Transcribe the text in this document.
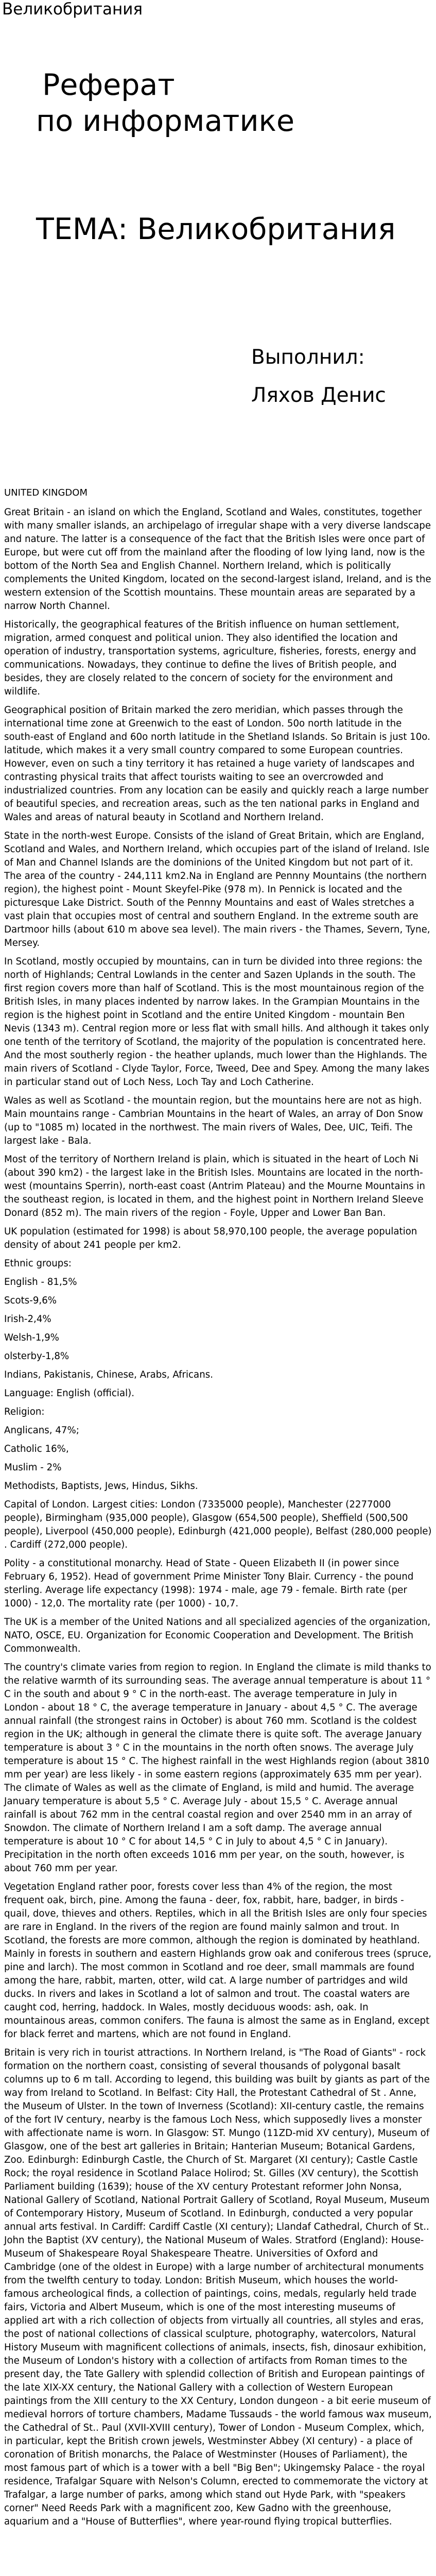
Великобритания
Реферат
по информатике
ТЕМА: Великобритания
Выполнил:
Ляхов Денис
UNITED KINGDOM

Great Britain - an island on which the England, Scotland and Wales, constitutes, together with many smaller islands, an archipelago of irregular shape with a very diverse landscape and nature. The latter is a consequence of the fact that the British Isles were once part of Europe, but were cut off from the mainland after the flooding of low lying land, now is the bottom of the North Sea and English Channel. Northern Ireland, which is politically complements the United Kingdom, located on the second-largest island, Ireland, and is the western extension of the Scottish mountains. These mountain areas are separated by a narrow North Channel.

Historically, the geographical features of the British influence on human settlement, migration, armed conquest and political union. They also identified the location and operation of industry, transportation systems, agriculture, fisheries, forests, energy and communications. Nowadays, they continue to define the lives of British people, and besides, they are closely related to the concern of society for the environment and wildlife.

Geographical position of Britain marked the zero meridian, which passes through the international time zone at Greenwich to the east of London. 50o north latitude in the south-east of England and 60o north latitude in the Shetland Islands. So Britain is just 10o. latitude, which makes it a very small country compared to some European countries. However, even on such a tiny territory it has retained a huge variety of landscapes and contrasting physical traits that affect tourists waiting to see an overcrowded and industrialized countries. From any location can be easily and quickly reach a large number of beautiful species, and recreation areas, such as the ten national parks in England and Wales and areas of natural beauty in Scotland and Northern Ireland.

State in the north-west Europe. Consists of the island of Great Britain, which are England, Scotland and Wales, and Northern Ireland, which occupies part of the island of Ireland. Isle of Man and Channel Islands are the dominions of the United Kingdom but not part of it. The area of the country - 244,111 km2.Na in England are Pennny Mountains (the northern region), the highest point - Mount Skeyfel-Pike (978 m). In Pennick is located and the picturesque Lake District. South of the Pennny Mountains and east of Wales stretches a vast plain that occupies most of central and southern England. In the extreme south are Dartmoor hills (about 610 m above sea level). The main rivers - the Thames, Severn, Tyne, Mersey.

In Scotland, mostly occupied by mountains, can in turn be divided into three regions: the north of Highlands; Central Lowlands in the center and Sazen Uplands in the south. The first region covers more than half of Scotland. This is the most mountainous region of the British Isles, in many places indented by narrow lakes. In the Grampian Mountains in the region is the highest point in Scotland and the entire United Kingdom - mountain Ben Nevis (1343 m). Central region more or less flat with small hills. And although it takes only one tenth of the territory of Scotland, the majority of the population is concentrated here. And the most southerly region - the heather uplands, much lower than the Highlands. The main rivers of Scotland - Clyde Taylor, Force, Tweed, Dee and Spey. Among the many lakes in particular stand out of Loch Ness, Loch Tay and Loch Catherine.

Wales as well as Scotland - the mountain region, but the mountains here are not as high. Main mountains range - Cambrian Mountains in the heart of Wales, an array of Don Snow (up to "1085 m) located in the northwest. The main rivers of Wales, Dee, UIC, Teifi. The largest lake - Bala.

Most of the territory of Northern Ireland is plain, which is situated in the heart of Loch Ni (about 390 km2) - the largest lake in the British Isles. Mountains are located in the north-west (mountains Sperrin), north-east coast (Antrim Plateau) and the Mourne Mountains in the southeast region, is located in them, and the highest point in Northern Ireland Sleeve Donard (852 m). The main rivers of the region - Foyle, Upper and Lower Ban Ban.

UK population (estimated for 1998) is about 58,970,100 people, the average population density of about 241 people per km2.

Ethnic groups:

English - 81,5%

Scots-9,6%

Irish-2,4%

Welsh-1,9%

olsterby-1,8%

Indians, Pakistanis, Chinese, Arabs, Africans.

Language: English (official).

Religion:

Anglicans, 47%;

Catholic 16%,

Muslim - 2%

Methodists, Baptists, Jews, Hindus, Sikhs.

Capital of London. Largest cities: London (7335000 people), Manchester (2277000 people), Birmingham (935,000 people), Glasgow (654,500 people), Sheffield (500,500 people), Liverpool (450,000 people), Edinburgh (421,000 people), Belfast (280,000 people) . Cardiff (272,000 people).

Polity - a constitutional monarchy. Head of State - Queen Elizabeth II (in power since February 6, 1952). Head of government Prime Minister Tony Blair. Currency - the pound sterling. Average life expectancy (1998): 1974 - male, age 79 - female. Birth rate (per 1000) - 12,0. The mortality rate (per 1000) - 10,7.

The UK is a member of the United Nations and all specialized agencies of the organization, NATO, OSCE, EU. Organization for Economic Cooperation and Development. The British Commonwealth.

The country's climate varies from region to region. In England the climate is mild thanks to the relative warmth of its surrounding seas. The average annual temperature is about 11 ° C in the south and about 9 ° C in the north-east. The average temperature in July in London - about 18 ° C, the average temperature in January - about 4,5 ° C. The average annual rainfall (the strongest rains in October) is about 760 mm. Scotland is the coldest region in the UK; although in general the climate there is quite soft. The average January temperature is about 3 ° C in the mountains in the north often snows. The average July temperature is about 15 ° C. The highest rainfall in the west Highlands region (about 3810 mm per year) are less likely - in some eastern regions (approximately 635 mm per year). The climate of Wales as well as the climate of England, is mild and humid. The average January temperature is about 5,5 ° C. Average July - about 15,5 ° C. Average annual rainfall is about 762 mm in the central coastal region and over 2540 mm in an array of Snowdon. The climate of Northern Ireland I am a soft damp. The average annual temperature is about 10 ° C for about 14,5 ° C in July to about 4,5 ° C in January). Precipitation in the north often exceeds 1016 mm per year, on the south, however, is about 760 mm per year.

Vegetation England rather poor, forests cover less than 4% of the region, the most frequent oak, birch, pine. Among the fauna - deer, fox, rabbit, hare, badger, in birds - quail, dove, thieves and others. Reptiles, which in all the British Isles are only four species are rare in England. In the rivers of the region are found mainly salmon and trout. In Scotland, the forests are more common, although the region is dominated by heathland. Mainly in forests in southern and eastern Highlands grow oak and coniferous trees (spruce, pine and larch). The most common in Scotland and roe deer, small mammals are found among the hare, rabbit, marten, otter, wild cat. A large number of partridges and wild ducks. In rivers and lakes in Scotland a lot of salmon and trout. The coastal waters are caught cod, herring, haddock. In Wales, mostly deciduous woods: ash, oak. In mountainous areas, common conifers. The fauna is almost the same as in England, except for black ferret and martens, which are not found in England.

Britain is very rich in tourist attractions. In Northern Ireland, is "The Road of Giants" - rock formation on the northern coast, consisting of several thousands of polygonal basalt columns up to 6 m tall. According to legend, this building was built by giants as part of the way from Ireland to Scotland. In Belfast: City Hall, the Protestant Cathedral of St . Anne, the Museum of Ulster. In the town of Inverness (Scotland): XII-century castle, the remains of the fort IV century, nearby is the famous Loch Ness, which supposedly lives a monster with affectionate name is worn. In Glasgow: ST. Mungo (11ZD-mid XV century), Museum of Glasgow, one of the best art galleries in Britain; Hanterian Museum; Botanical Gardens, Zoo. Edinburgh: Edinburgh Castle, the Church of St. Margaret (XI century); Castle Castle Rock; the royal residence in Scotland Palace Holirod; St. Gilles (XV century), the Scottish Parliament building (1639); house of the XV century Protestant reformer John Nonsa, National Gallery of Scotland, National Portrait Gallery of Scotland, Royal Museum, Museum of Contemporary History, Museum of Scotland. In Edinburgh, conducted a very popular annual arts festival. In Cardiff: Cardiff Castle (XI century); Llandaf Cathedral, Church of St.. John the Baptist (XV century), the National Museum of Wales. Stratford (England): House-Museum of Shakespeare Royal Shakespeare Theatre. Universities of Oxford and Cambridge (one of the oldest in Europe) with a large number of architectural monuments from the twelfth century to today. London: British Museum, which houses the world-famous archeological finds, a collection of paintings, coins, medals, regularly held trade fairs, Victoria and Albert Museum, which is one of the most interesting museums of applied art with a rich collection of objects from virtually all countries, all styles and eras, the post of national collections of classical sculpture, photography, watercolors, Natural History Museum with magnificent collections of animals, insects, fish, dinosaur exhibition, the Museum of London's history with a collection of artifacts from Roman times to the present day, the Tate Gallery with splendid collection of British and European paintings of the late XIX-XX century, the National Gallery with a collection of Western European paintings from the XIII century to the XX Century, London dungeon - a bit eerie museum of medieval horrors of torture chambers, Madame Tussauds - the world famous wax museum, the Cathedral of St.. Paul (XVII-XVIII century), Tower of London - Museum Complex, which, in particular, kept the British crown jewels, Westminster Abbey (XI century) - a place of coronation of British monarchs, the Palace of Westminster (Houses of Parliament), the most famous part of which is a tower with a bell "Big Ben"; Ukingemsky Palace - the royal residence, Trafalgar Square with Nelson's Column, erected to commemorate the victory at Trafalgar, a large number of parks, among which stand out Hyde Park, with "speakers corner" Need Reeds Park with a magnificent zoo, Kew Gadno with the greenhouse, aquarium and a "House of Butterflies", where year-round flying tropical butterflies.
